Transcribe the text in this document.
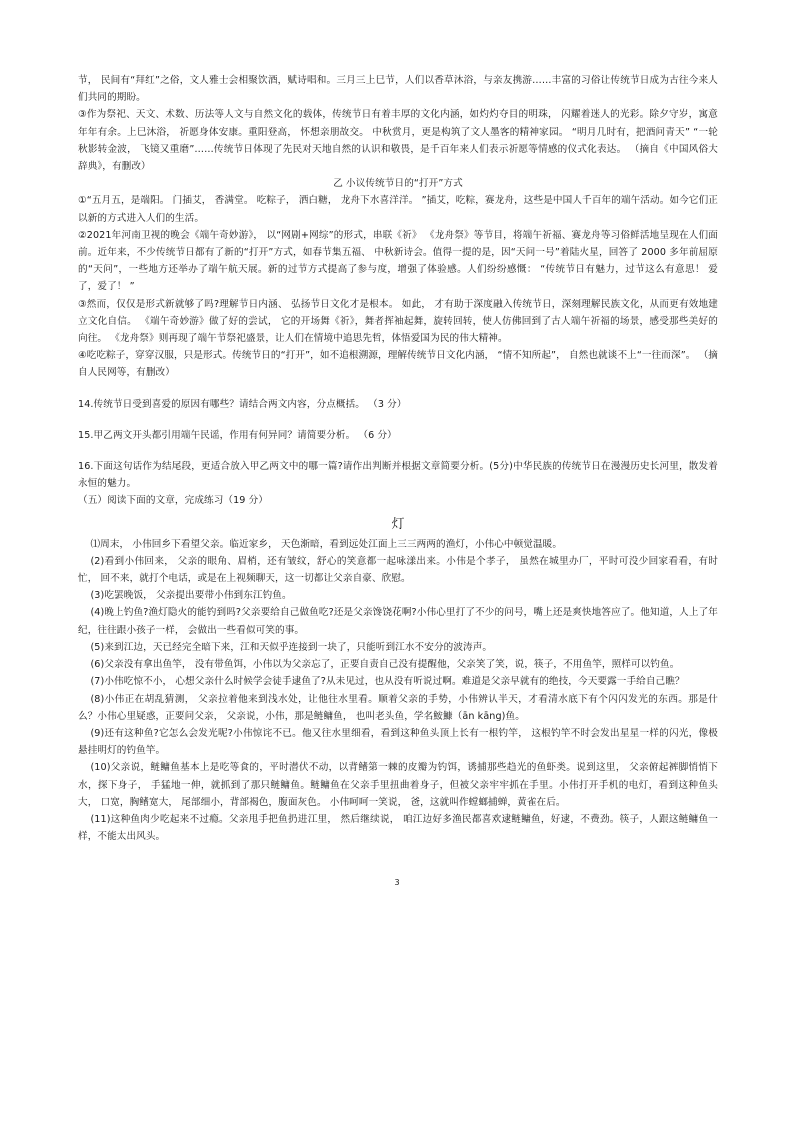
节， 民间有“拜红”之俗，文人雅士会相聚饮酒，赋诗唱和。三月三上巳节，人们以香草沐浴，与亲友携游……丰富的习俗让传统节日成为古往今来人们共同的期盼。

③作为祭祀、天文、术数、历法等人文与自然文化的载体，传统节日有着丰厚的文化内涵，如灼灼夺目的明珠， 闪耀着迷人的光彩。除夕守岁，寓意年年有余。上巳沐浴， 祈愿身体安康。重阳登高， 怀想亲朋故交。 中秋赏月，更是构筑了文人墨客的精神家园。 “明月几时有，把酒问青天” “一轮秋影转金波， 飞镜又重磨”……传统节日体现了先民对天地自然的认识和敬畏，是千百年来人们表示祈愿等情感的仪式化表达。 （摘自《中国风俗大辞典》，有删改）

乙 小议传统节日的“打开”方式

①“五月五，是端阳。 门插艾， 香满堂。 吃粽子， 洒白糖， 龙舟下水喜洋洋。 ”插艾，吃粽，赛龙舟，这些是中国人千百年的端午活动。如今它们正以新的方式进入人们的生活。

②2021年河南卫视的晚会《端午奇妙游》， 以“网剧+网综”的形式，串联《祈》 《龙舟祭》等节目，将端午祈福、赛龙舟等习俗鲜活地呈现在人们面前。近年来，不少传统节日都有了新的“打开”方式，如春节集五福、 中秋新诗会。值得一提的是，因“天问一号”着陆火星，回答了 2000 多年前屈原的“天问”，一些地方还举办了端午航天展。新的过节方式提高了参与度，增强了体验感。人们纷纷感慨： “传统节日有魅力，过节这么有意思！ 爱了，爱了！ ”

③然而，仅仅是形式新就够了吗?理解节日内涵、 弘扬节日文化才是根本。 如此， 才有助于深度融入传统节日，深刻理解民族文化，从而更有效地建立文化自信。 《端午奇妙游》做了好的尝试， 它的开场舞《祈》，舞者挥袖起舞，旋转回转，使人仿佛回到了古人端午祈福的场景，感受那些美好的向往。 《龙舟祭》则再现了端午节祭祀盛景，让人们在情境中追思先哲，体悟爱国为民的伟大精神。

④吃吃粽子，穿穿汉服，只是形式。传统节日的“打开”，如不追根溯源，理解传统节日文化内涵， “情不知所起”， 自然也就谈不上“一往而深”。 （摘自人民网等，有删改）

14.传统节日受到喜爱的原因有哪些？请结合两文内容，分点概括。 （3 分）

15.甲乙两文开头都引用端午民谣，作用有何异同？请简要分析。 （6 分）

16.下面这句话作为结尾段，更适合放入甲乙两文中的哪一篇?请作出判断并根据文章简要分析。(5分)中华民族的传统节日在漫漫历史长河里，散发着永恒的魅力。

（五）阅读下面的文章，完成练习（19 分）

灯

⑴周末， 小伟回乡下看望父亲。临近家乡， 天色渐暗，看到远处江面上三三两两的渔灯，小伟心中顿觉温暖。

(2)看到小伟回来， 父亲的眼角、眉梢，还有皱纹，舒心的笑意都一起咏漾出来。小伟是个孝子， 虽然在城里办厂，平时可没少回家看看，有时忙， 回不来，就打个电话，或是在上视频聊天，这一切都让父亲自豪、欣慰。

(3)吃罢晚饭， 父亲提出要带小伟到东江钓鱼。

(4)晚上钓鱼?渔灯隐火的能钓到吗?父亲要给自己做鱼吃?还是父亲馋饶花啊?小伟心里打了不少的问号，嘴上还是爽快地答应了。他知道，人上了年纪，往往跟小孩子一样， 会做出一些看似可笑的事。

(5)来到江边，天已经完全暗下来，江和天似乎连接到一块了，只能听到江水不安分的波涛声。

(6)父亲没有拿出鱼竿， 没有带鱼饵，小伟以为父亲忘了，正要自责自己没有提醒他，父亲笑了笑，说，筷子，不用鱼竿，照样可以钓鱼。

(7)小伟吃惊不小， 心想父亲什么时候学会徒手逮鱼了?从未见过，也从没有听说过啊。难道是父亲早就有的绝技，今天要露一手给自己瞧？

(8)小伟正在胡乱猜测， 父亲拉着他来到浅水处，让他往水里看。顺着父亲的手势，小伟辨认半天，才看清水底下有个闪闪发光的东西。那是什么？小伟心里疑惑，正要问父亲， 父亲说，小伟，那是鲢鳙鱼， 也叫老头鱼，学名鮟鱇（ān kāng)鱼。

(9)还有这种鱼?它怎么会发光呢?小伟惊诧不已。他又往水里细看，看到这种鱼头顶上长有一根钓竿， 这根钓竿不时会发出星星一样的闪光，像极悬挂明灯的钓鱼竿。

(10)父亲说，鲢鳙鱼基本上是吃等食的，平时潜伏不动，以背鳍第一棘的皮瓣为钓饵，诱捕那些趋光的鱼虾类。说到这里， 父亲俯起裤脚悄悄下水，探下身子， 手猛地一伸，就抓到了那只鲢鳙鱼。鲢鳙鱼在父亲手里扭曲着身子，但被父亲牢牢抓在手里。小伟打开手机的电灯，看到这种鱼头大， 口宽，胸鳍宽大， 尾部细小，背部褐色，腹面灰色。 小伟呵呵一笑说， 爸，这就叫作螳螂捕蝉，黄雀在后。

(11)这种鱼肉少吃起来不过瘾。父亲甩手把鱼扔进江里， 然后继续说， 咱江边好多渔民都喜欢逮鲢鳙鱼，好逮，不费劲。筷子，人跟这鲢鳙鱼一样，不能太出风头。

3
